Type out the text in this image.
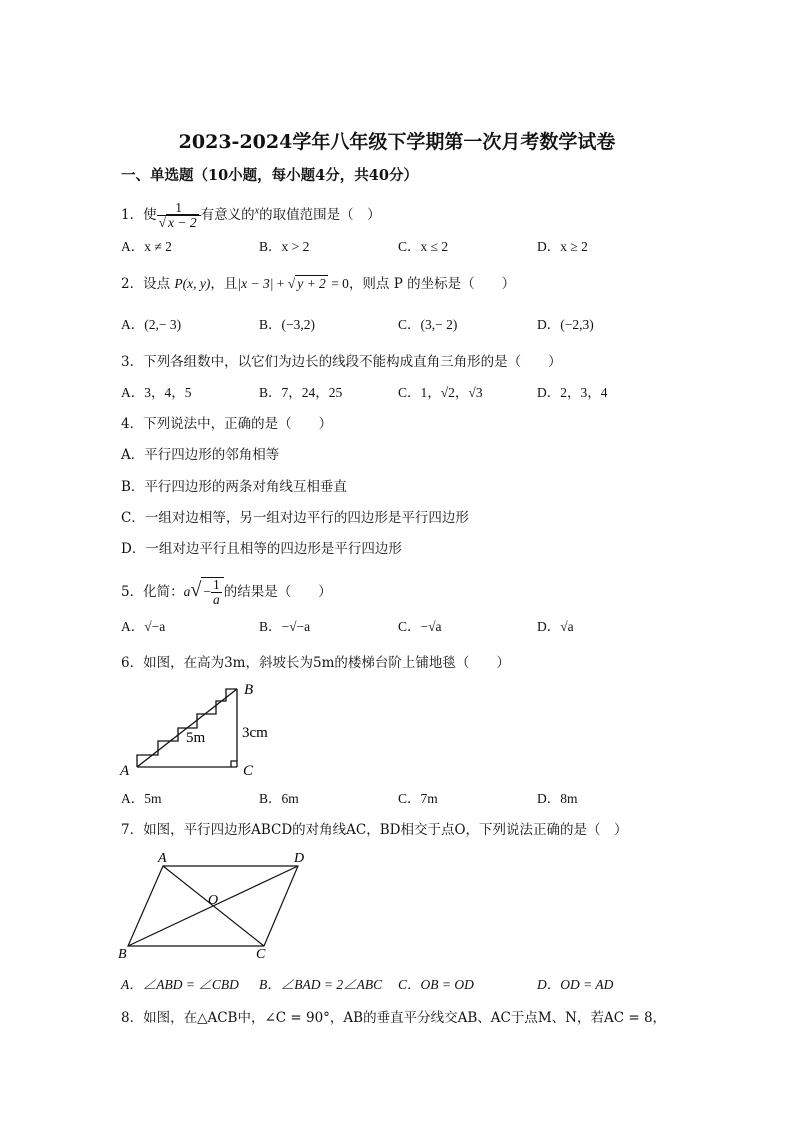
2023-2024学年八年级下学期第一次月考数学试卷
一、单选题（10小题，每小题4分，共40分）
1．使 $\frac{1}{√ x - 2}$ 有意义的$^x$的取值范围是（　）
A．x ≠ 2	B．x > 2	C．x ≤ 2	D．x ≥ 2
2．设点 P(x, y)，且|x − 3| + √ y + 2 = 0，则点 P 的坐标是（　　）
A．(2,− 3)	B．(−3,2)	C．(3,− 2)	D．(−2,3)
3．下列各组数中，以它们为边长的线段不能构成直角三角形的是（　　）
A．3，4，5	B．7，24，25	C．1，√2，√3	D．2，3，4
4．下列说法中，正确的是（　　）
A．平行四边形的邻角相等
B．平行四边形的两条对角线互相垂直
C．一组对边相等，另一组对边平行的四边形是平行四边形
D．一组对边平行且相等的四边形是平行四边形
5．化简：$a√ - \frac{1}{a}$ 的结果是（　　）
A．√−a	B．−√−a	C．−√a	D．√a
6．如图，在高为3m，斜坡长为5m的楼梯台阶上铺地毯（　　）
B
A	C
5m 3cm
A．5m	B．6m	C．7m	D．8m
7．如图，平行四边形ABCD的对角线AC，BD相交于点O，下列说法正确的是（　）
A	D
B	C
O
A．∠ABD = ∠CBD B．∠BAD = 2∠ABC C．OB = OD	D．OD = AD
8．如图，在△ACB中，∠C = 90°，AB的垂直平分线交AB、AC于点M、N，若AC = 8，
